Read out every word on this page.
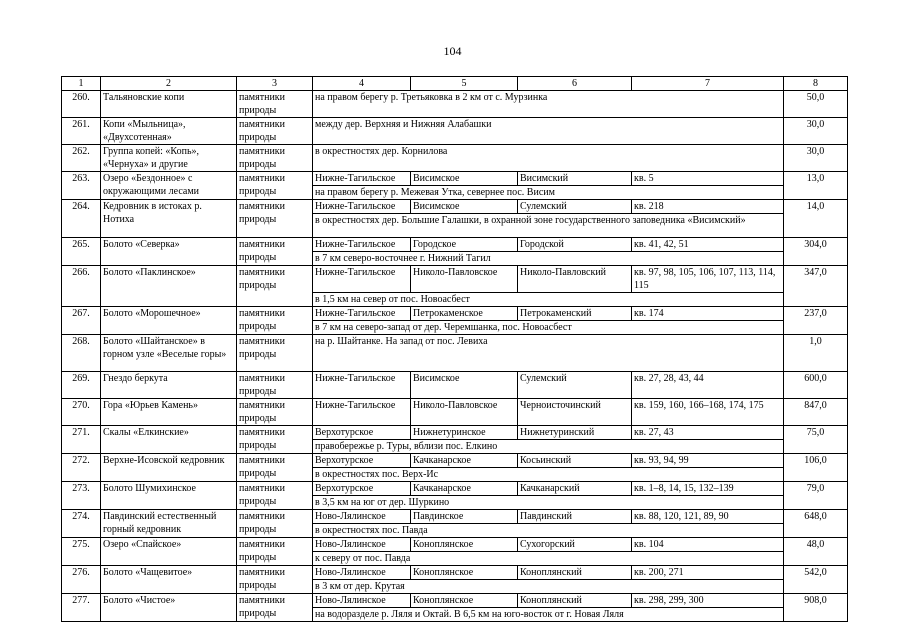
104
1	2	3	4	5	6	7	8
260.	Тальяновские копи	памятники природы	на правом берегу р. Третьяковка в 2 км от с. Мурзинка				50,0
261.	Копи «Мыльница», «Двухсотенная»	памятники природы	между дер. Верхняя и Нижняя Алабашки				30,0
262.	Группа копей: «Копь», «Чернуха» и другие	памятники природы	в окрестностях дер. Корнилова				30,0
263.	Озеро «Бездонное» с окружающими лесами	памятники природы	Нижне-Тагильское	Висимское	Висимский	кв. 5	13,0
			на правом берегу р. Межевая Утка, севернее пос. Висим				
264.	Кедровник в истоках р. Нотиха	памятники природы	Нижне-Тагильское	Висимское	Сулемский	кв. 218	14,0
			в окрестностях дер. Большие Галашки, в охранной зоне государственного заповедника «Висимский»				
265.	Болото «Северка»	памятники природы	Нижне-Тагильское	Городское	Городской	кв. 41, 42, 51	304,0
			в 7 км северо-восточнее г. Нижний Тагил				
266.	Болото «Паклинское»	памятники природы	Нижне-Тагильское	Николо-Павловское	Николо-Павловский	кв. 97, 98, 105, 106, 107, 113, 114, 115	347,0
			в 1,5 км на север от пос. Новоасбест				
267.	Болото «Морошечное»	памятники природы	Нижне-Тагильское	Петрокаменское	Петрокаменский	кв. 174	237,0
			в 7 км на северо-запад от дер. Черемшанка, пос. Новоасбест				
268.	Болото «Шайтанское» в горном узле «Веселые горы»	памятники природы	на р. Шайтанке. На запад от пос. Левиха				1,0
269.	Гнездо беркута	памятники природы	Нижне-Тагильское	Висимское	Сулемский	кв. 27, 28, 43, 44	600,0
270.	Гора «Юрьев Камень»	памятники природы	Нижне-Тагильское	Николо-Павловское	Черноисточинский	кв. 159, 160, 166–168, 174, 175	847,0
271.	Скалы «Елкинские»	памятники природы	Верхотурское	Нижнетуринское	Нижнетуринский	кв. 27, 43	75,0
			правобережье р. Туры, вблизи пос. Елкино				
272.	Верхне-Исовской кедровник	памятники природы	Верхотурское	Качканарское	Косьинский	кв. 93, 94, 99	106,0
			в окрестностях пос. Верх-Ис				
273.	Болото Шумихинское	памятники природы	Верхотурское	Качканарское	Качканарский	кв. 1–8, 14, 15, 132–139	79,0
			в 3,5 км на юг от дер. Шуркино				
274.	Павдинский естественный горный кедровник	памятники природы	Ново-Лялинское	Павдинское	Павдинский	кв. 88, 120, 121, 89, 90	648,0
			в окрестностях пос. Павда				
275.	Озеро «Спайское»	памятники природы	Ново-Лялинское	Коноплянское	Сухогорский	кв. 104	48,0
			к северу от пос. Павда				
276.	Болото «Чащевитое»	памятники природы	Ново-Лялинское	Коноплянское	Коноплянский	кв. 200, 271	542,0
			в 3 км от дер. Крутая				
277.	Болото «Чистое»	памятники природы	Ново-Лялинское	Коноплянское	Коноплянский	кв. 298, 299, 300	908,0
			на водоразделе р. Ляля и Октай. В 6,5 км на юго-восток от г. Новая Ляля				
